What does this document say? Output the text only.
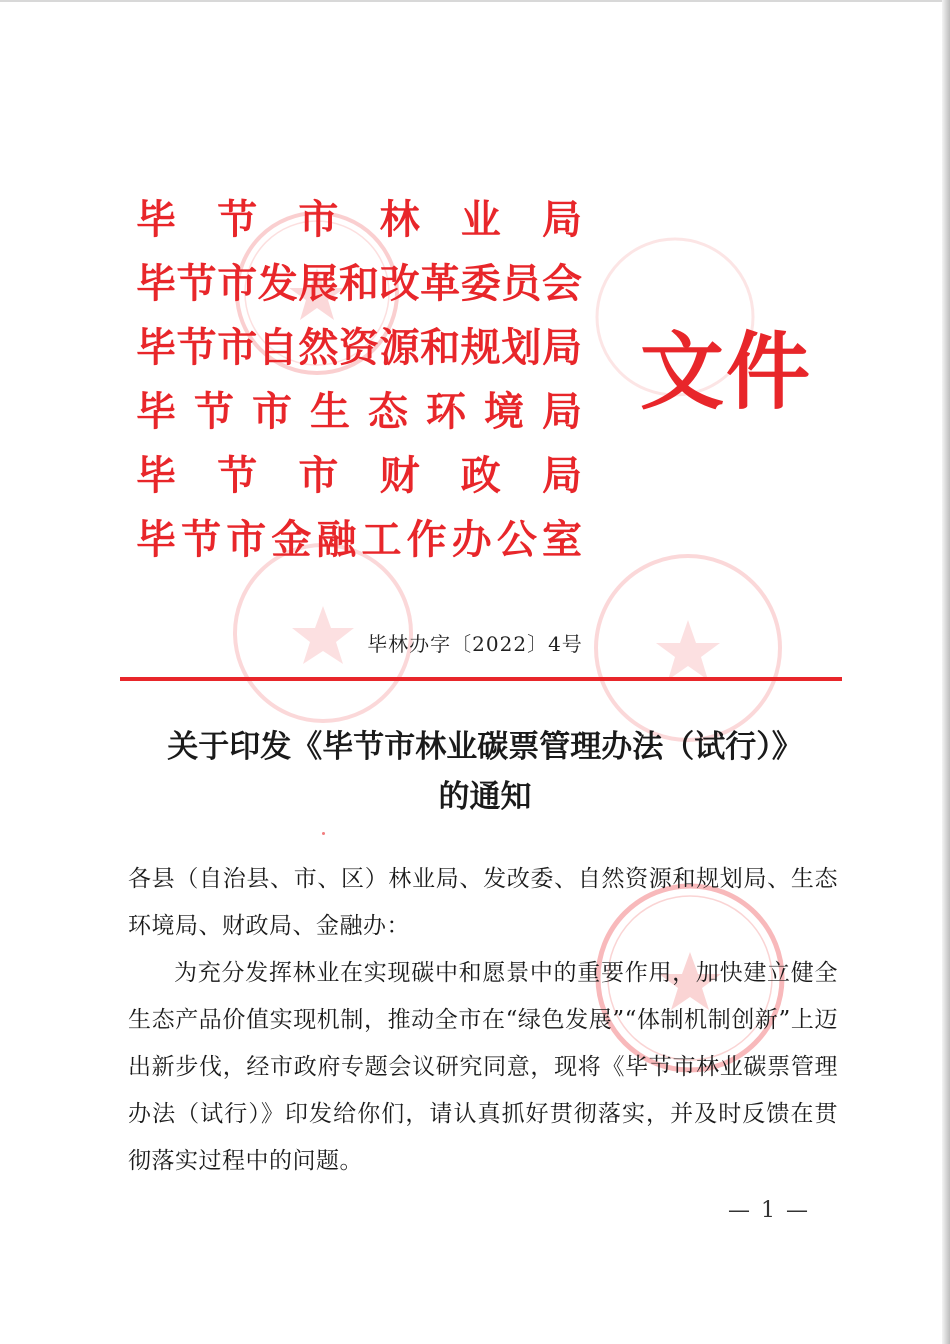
毕 节 市 林 业 局
毕 节 市 发 展 和 改 革 委 员 会
毕 节 市 自 然 资 源 和 规 划 局
毕 节 市 生 态 环 境 局
毕 节 市 财 政 局
毕 节 市 金 融 工 作 办 公 室
文件
毕林办字〔2022〕4号
关于印发《毕节市林业碳票管理办法（试行）》
的通知

各县（自治县、市、区）林业局、发改委、自然资源和规划局、生态环境局、财政局、金融办：

为充分发挥林业在实现碳中和愿景中的重要作用，加快建立健全生态产品价值实现机制，推动全市在“绿色发展”“体制机制创新”上迈出新步伐，经市政府专题会议研究同意，现将《毕节市林业碳票管理办法（试行）》印发给你们，请认真抓好贯彻落实，并及时反馈在贯彻落实过程中的问题。

— 1 —
